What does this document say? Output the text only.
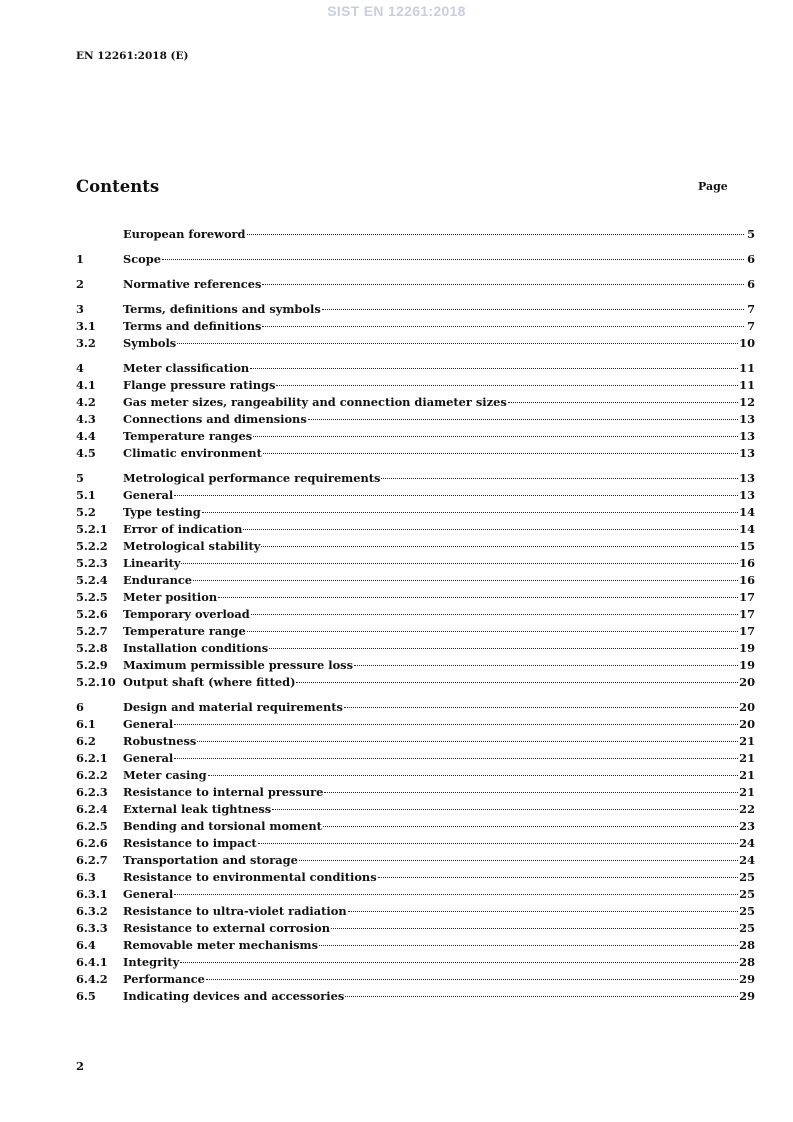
SIST EN 12261:2018
EN 12261:2018 (E)
Contents	Page
European foreword	5
1	Scope	6
2	Normative references	6
3	Terms, definitions and symbols	7
3.1	Terms and definitions	7
3.2	Symbols	10
4	Meter classification	11
4.1	Flange pressure ratings	11
4.2	Gas meter sizes, rangeability and connection diameter sizes	12
4.3	Connections and dimensions	13
4.4	Temperature ranges	13
4.5	Climatic environment	13
5	Metrological performance requirements	13
5.1	General	13
5.2	Type testing	14
5.2.1	Error of indication	14
5.2.2	Metrological stability	15
5.2.3	Linearity	16
5.2.4	Endurance	16
5.2.5	Meter position	17
5.2.6	Temporary overload	17
5.2.7	Temperature range	17
5.2.8	Installation conditions	19
5.2.9	Maximum permissible pressure loss	19
5.2.10 Output shaft (where fitted)	20
6	Design and material requirements	20
6.1	General	20
6.2	Robustness	21
6.2.1	General	21
6.2.2	Meter casing	21
6.2.3	Resistance to internal pressure	21
6.2.4	External leak tightness	22
6.2.5	Bending and torsional moment	23
6.2.6	Resistance to impact	24
6.2.7	Transportation and storage	24
6.3	Resistance to environmental conditions	25
6.3.1	General	25
6.3.2	Resistance to ultra-violet radiation	25
6.3.3	Resistance to external corrosion	25
6.4	Removable meter mechanisms	28
6.4.1	Integrity	28
6.4.2	Performance	29
6.5	Indicating devices and accessories	29
2
